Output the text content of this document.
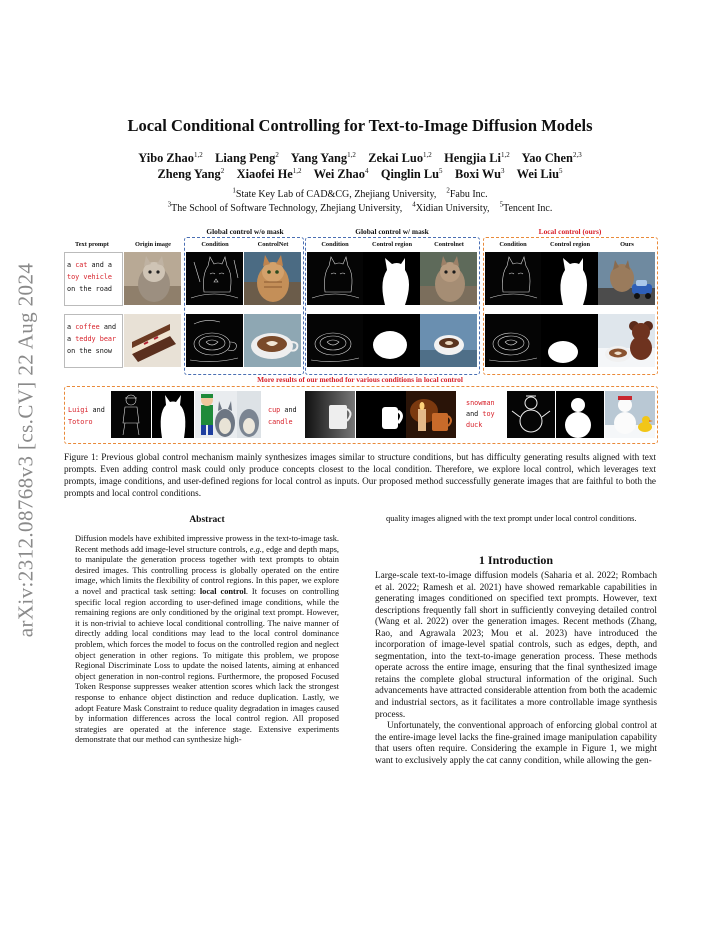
arXiv:2312.08768v3 [cs.CV] 22 Aug 2024
Local Conditional Controlling for Text-to-Image Diffusion Models
Yibo Zhao$^{1,2}$ Liang Peng$^2$ Yang Yang$^{1,2}$ Zekai Luo$^{1,2}$ Hengjia Li$^{1,2}$ Yao Chen$^{2,3}$
Zheng Yang$^2$ Xiaofei He$^{1,2}$ Wei Zhao$^4$ Qinglin Lu$^5$ Boxi Wu$^3$ Wei Liu$^5$
$^1$State Key Lab of CAD&CG, Zhejiang University, $^2$Fabu Inc.
$^3$The School of Software Technology, Zhejiang University, $^4$Xidian University, $^5$Tencent Inc.
Global control w/o mask	Global control w/ mask	Local control (ours)
Text prompt	Origin image	Condition	ControlNet	Condition	Control region	Controlnet	Condition	Control region	Ours
a cat and a
toy vehicle
on the road
a coffee and
a teddy bear
on the snow
More results of our method for various conditions in local control
Luigi and
Totoro
cup and
candle
snowman
and toy
duck
Figure 1: Previous global control mechanism mainly synthesizes images similar to structure conditions, but has difficulty generating results aligned with text prompts. Even adding control mask could only produce concepts closest to the local condition. Therefore, we explore local control, which leverages text prompts, image conditions, and user-defined regions for local control as inputs. Our proposed method successfully generate images that are faithful to both the prompts and local control conditions.
Abstract

Diffusion models have exhibited impressive prowess in the text-to-image task. Recent methods add image-level structure controls, e.g., edge and depth maps, to manipulate the generation process together with text prompts to obtain desired images. This controlling process is globally operated on the entire image, which limits the flexibility of control regions. In this paper, we explore a novel and practical task setting: local control. It focuses on controlling specific local region according to user-defined image conditions, while the remaining regions are only conditioned by the original text prompt. However, it is non-trivial to achieve local conditional controlling. The naive manner of directly adding local conditions may lead to the local control dominance problem, which forces the model to focus on the controlled region and neglect object generation in other regions. To mitigate this problem, we propose Regional Discriminate Loss to update the noised latents, aiming at enhanced object generation in non-control regions. Furthermore, the proposed Focused Token Response suppresses weaker attention scores which lack the strongest response to enhance object distinction and reduce duplication. Lastly, we adopt Feature Mask Constraint to reduce quality degradation in images caused by information differences across the local control region. All proposed strategies are operated at the inference stage. Extensive experiments demonstrate that our method can synthesize high-

quality images aligned with the text prompt under local control conditions.
1 Introduction

Large-scale text-to-image diffusion models (Saharia et al. 2022; Rombach et al. 2022; Ramesh et al. 2021) have showed remarkable capabilities in generating images conditioned on specified text prompts. However, text descriptions frequently fall short in sufficiently conveying detailed control (Wang et al. 2022) over the generation images. Recent methods (Zhang, Rao, and Agrawala 2023; Mou et al. 2023) have introduced the incorporation of image-level spatial controls, such as edges, depth, and segmentation, into the text-to-image generation process. These methods operate across the entire image, ensuring that the final synthesized image retains the complete global structural information of the original. Such advancements have attracted considerable attention from both the academic and industrial sectors, as it facilitates a more controllable image synthesis process.

Unfortunately, the conventional approach of enforcing global control at the entire-image level lacks the fine-grained image manipulation capability that users often require. Considering the example in Figure 1, we might want to exclusively apply the cat canny condition, while allowing the gen-
